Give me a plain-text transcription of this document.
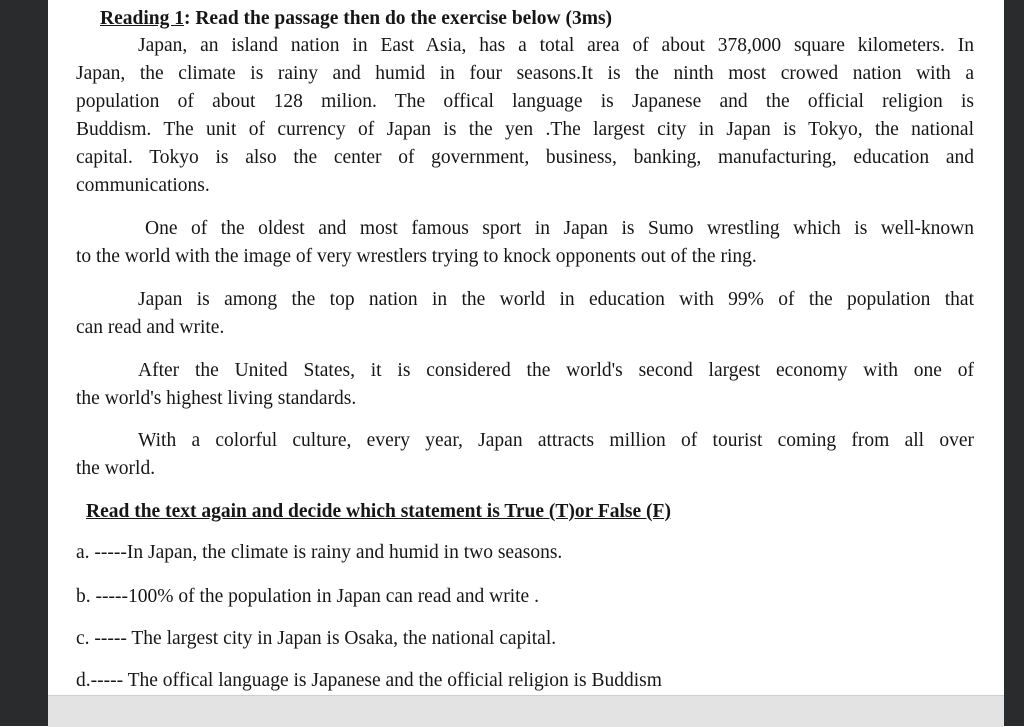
Reading 1: Read the passage then do the exercise below (3ms)

Japan, an island nation in East Asia, has a total area of about 378,000 square kilometers. In

Japan, the climate is rainy and humid in four seasons.It is the ninth most crowed nation with a

population of about 128 milion. The offical language is Japanese and the official religion is

Buddism. The unit of currency of Japan is the yen .The largest city in Japan is Tokyo, the national

capital. Tokyo is also the center of government, business, banking, manufacturing, education and

communications.

One of the oldest and most famous sport in Japan is Sumo wrestling which is well-known

to the world with the image of very wrestlers trying to knock opponents out of the ring.

Japan is among the top nation in the world in education with 99% of the population that

can read and write.

After the United States, it is considered the world's second largest economy with one of

the world's highest living standards.

With a colorful culture, every year, Japan attracts million of tourist coming from all over

the world.

Read the text again and decide which statement is True (T)or False (F)

a. -----In Japan, the climate is rainy and humid in two seasons.

b. -----100% of the population in Japan can read and write .

c. ----- The largest city in Japan is Osaka, the national capital.

d.----- The offical language is Japanese and the official religion is Buddism
